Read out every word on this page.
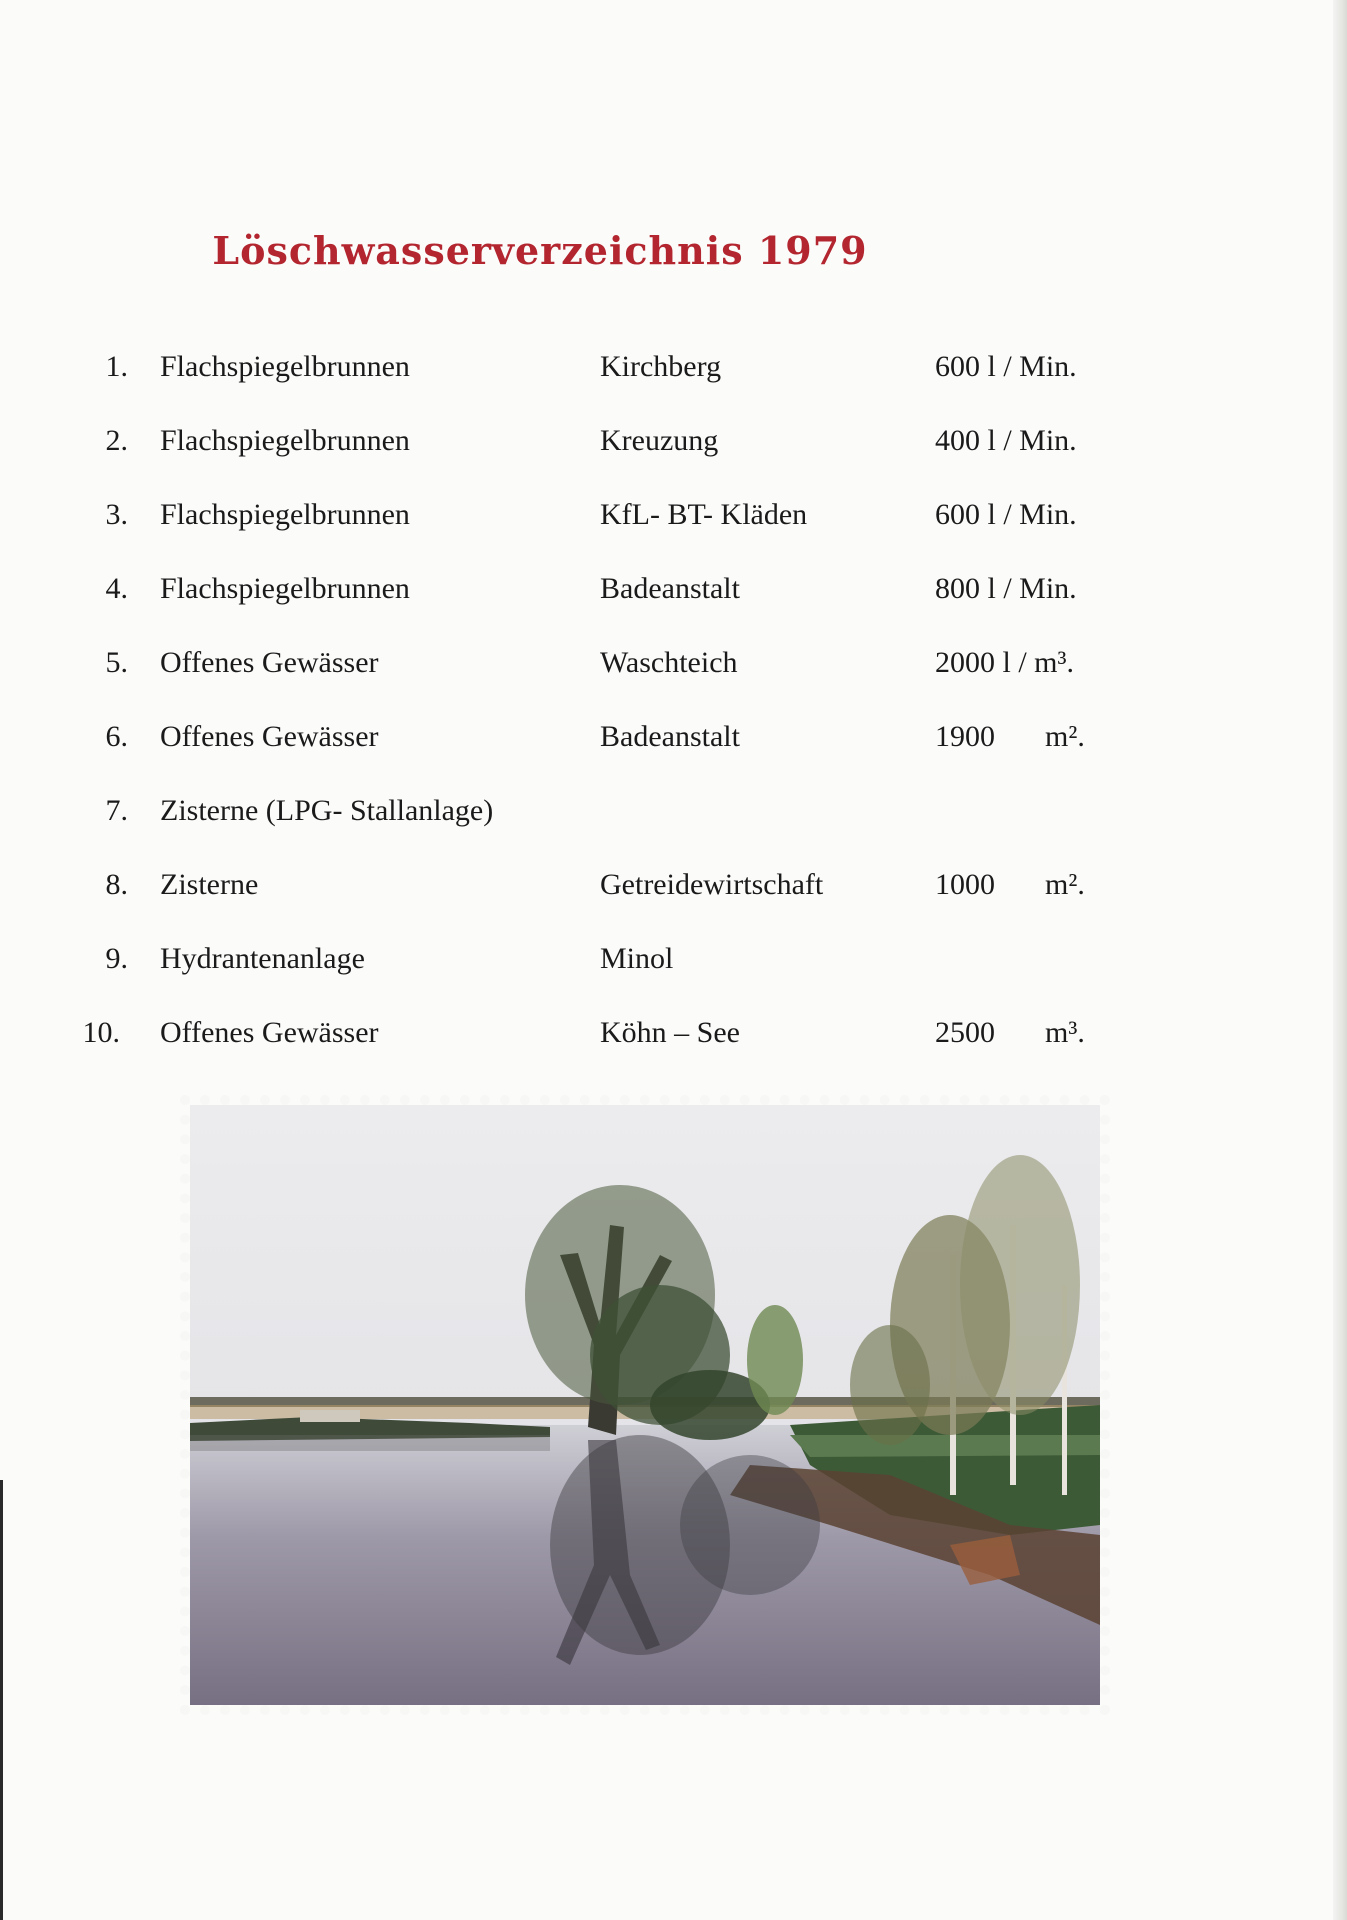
Löschwasserverzeichnis 1979
1. Flachspiegelbrunnen	Kirchberg	600 l / Min.
2. Flachspiegelbrunnen	Kreuzung	400 l / Min.
3. Flachspiegelbrunnen	KfL- BT- Kläden	600 l / Min.
4. Flachspiegelbrunnen	Badeanstalt	800 l / Min.
5. Offenes Gewässer	Waschteich	2000 l / m³.
6. Offenes Gewässer	Badeanstalt	1900 m².
7. Zisterne (LPG- Stallanlage)
8. Zisterne	Getreidewirtschaft	1000 m².
9. Hydrantenanlage	Minol
10. Offenes Gewässer	Köhn – See	2500 m³.
